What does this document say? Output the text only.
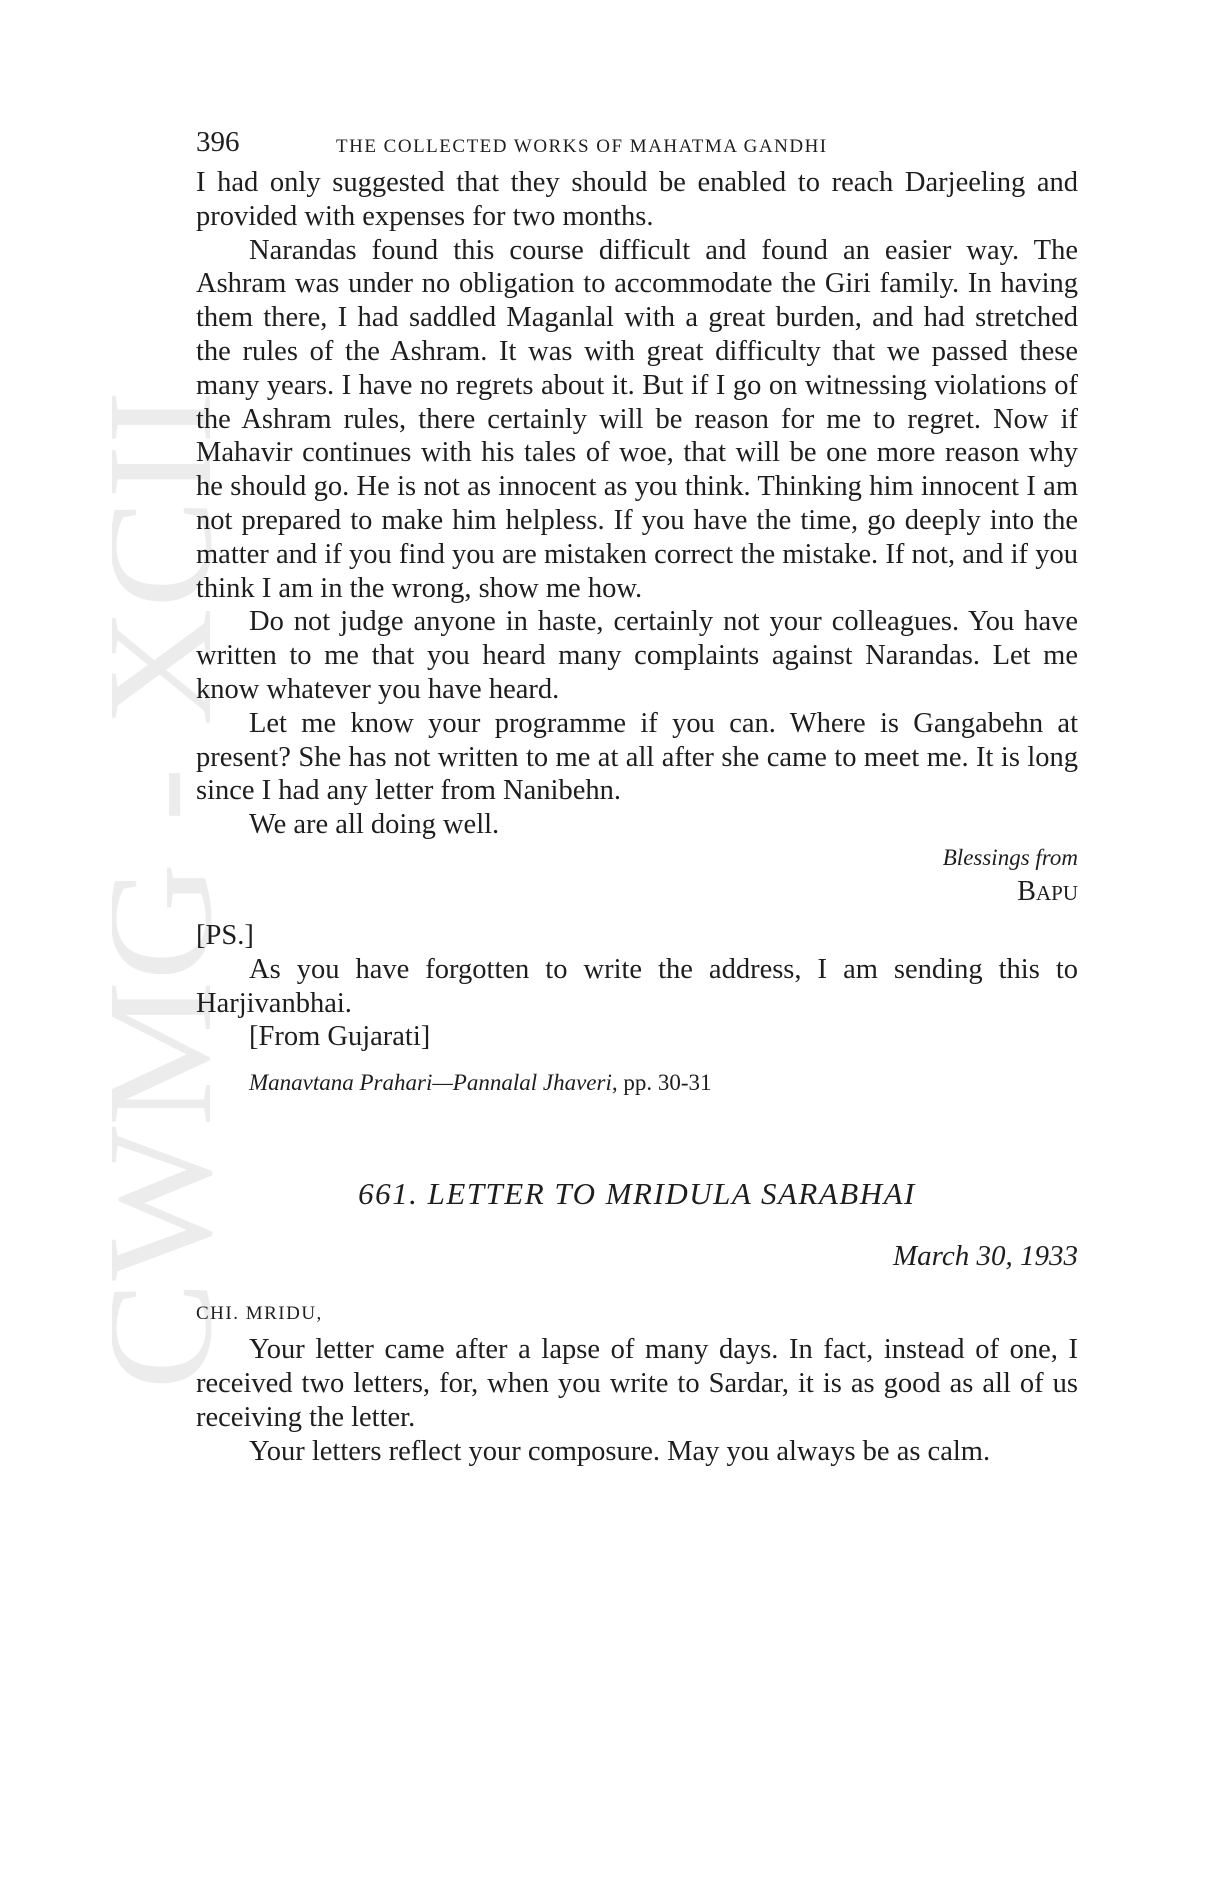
CWMG XCII
396	THE COLLECTED WORKS OF MAHATMA GANDHI

I had only suggested that they should be enabled to reach Darjeeling and provided with expenses for two months.

Narandas found this course difficult and found an easier way. The Ashram was under no obligation to accommodate the Giri family. In having them there, I had saddled Maganlal with a great burden, and had stretched the rules of the Ashram. It was with great difficulty that we passed these many years. I have no regrets about it. But if I go on witnessing violations of the Ashram rules, there certainly will be reason for me to regret. Now if Mahavir continues with his tales of woe, that will be one more reason why he should go. He is not as innocent as you think. Thinking him innocent I am not prepared to make him helpless. If you have the time, go deeply into the matter and if you find you are mistaken correct the mistake. If not, and if you think I am in the wrong, show me how.

Do not judge anyone in haste, certainly not your colleagues. You have written to me that you heard many complaints against Narandas. Let me know whatever you have heard.

Let me know your programme if you can. Where is Gangabehn at present? She has not written to me at all after she came to meet me. It is long since I had any letter from Nanibehn.

We are all doing well.

Blessings from
BAPU

[PS.]

As you have forgotten to write the address, I am sending this to Harjivanbhai.

[From Gujarati]

Manavtana Prahari—Pannalal Jhaveri, pp. 30-31
661. LETTER TO MRIDULA SARABHAI
March 30, 1933
CHI. MRIDU,

Your letter came after a lapse of many days. In fact, instead of one, I received two letters, for, when you write to Sardar, it is as good as all of us receiving the letter.

Your letters reflect your composure. May you always be as calm.
